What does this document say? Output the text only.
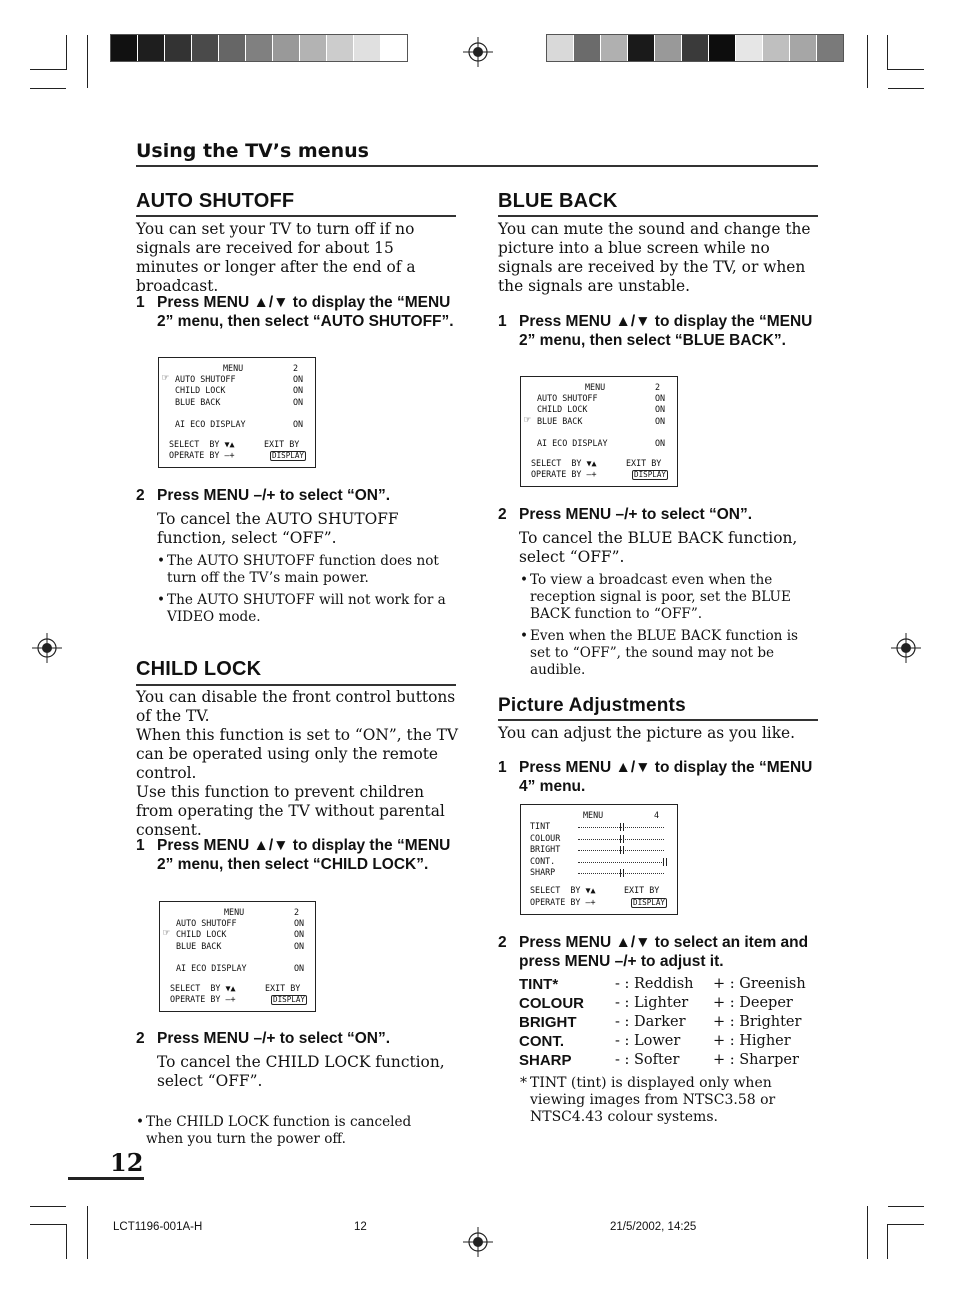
Using the TV’s menus
AUTO SHUTOFF
You can set your TV to turn off if no signals are received for about 15 minutes or longer after the end of a broadcast.
1 Press MENU ▲/▼ to display the “MENU 2” menu, then select “AUTO SHUTOFF”.
MENU	2
AUTO SHUTOFF	ON
CHILD LOCK	ON
BLUE BACK	ON
AI ECO DISPLAY	ON
☞
SELECT  BY ▼▲	EXIT BY
OPERATE BY –+	DISPLAY
2 Press MENU –/+ to select “ON”.
To cancel the AUTO SHUTOFF function, select “OFF”.
• The AUTO SHUTOFF function does not turn off the TV’s main power.
• The AUTO SHUTOFF will not work for a VIDEO mode.
CHILD LOCK
You can disable the front control buttons of the TV.
When this function is set to “ON”, the TV can be operated using only the remote control.
Use this function to prevent children from operating the TV without parental consent.
1 Press MENU ▲/▼ to display the “MENU 2” menu, then select “CHILD LOCK”.
MENU	2
AUTO SHUTOFF	ON
CHILD LOCK	ON
BLUE BACK	ON
AI ECO DISPLAY	ON
☞
SELECT  BY ▼▲	EXIT BY
OPERATE BY –+	DISPLAY
2 Press MENU –/+ to select “ON”.
To cancel the CHILD LOCK function, select “OFF”.
• The CHILD LOCK function is canceled when you turn the power off.
12
BLUE BACK
You can mute the sound and change the picture into a blue screen while no signals are received by the TV, or when the signals are unstable.
1 Press MENU ▲/▼ to display the “MENU 2” menu, then select “BLUE BACK”.
MENU	2
AUTO SHUTOFF	ON
CHILD LOCK	ON
BLUE BACK	ON
AI ECO DISPLAY	ON
☞
SELECT  BY ▼▲	EXIT BY
OPERATE BY –+	DISPLAY
2 Press MENU –/+ to select “ON”.
To cancel the BLUE BACK function, select “OFF”.
• To view a broadcast even when the reception signal is poor, set the BLUE BACK function to “OFF”.
• Even when the BLUE BACK function is set to “OFF”, the sound may not be audible.
Picture Adjustments
You can adjust the picture as you like.
1 Press MENU ▲/▼ to display the “MENU 4” menu.
MENU	4
TINT
COLOUR
BRIGHT
CONT.
SHARP
SELECT  BY ▼▲	EXIT BY
OPERATE BY –+	DISPLAY
2 Press MENU ▲/▼ to select an item and press MENU –/+ to adjust it.
TINT*	- : Reddish	+ : Greenish
COLOUR	- : Lighter	+ : Deeper
BRIGHT	- : Darker	+ : Brighter
CONT.	- : Lower	+ : Higher
SHARP	- : Softer	+ : Sharper
* TINT (tint) is displayed only when viewing images from NTSC3.58 or NTSC4.43 colour systems.
LCT1196-001A-H	12	21/5/2002, 14:25
